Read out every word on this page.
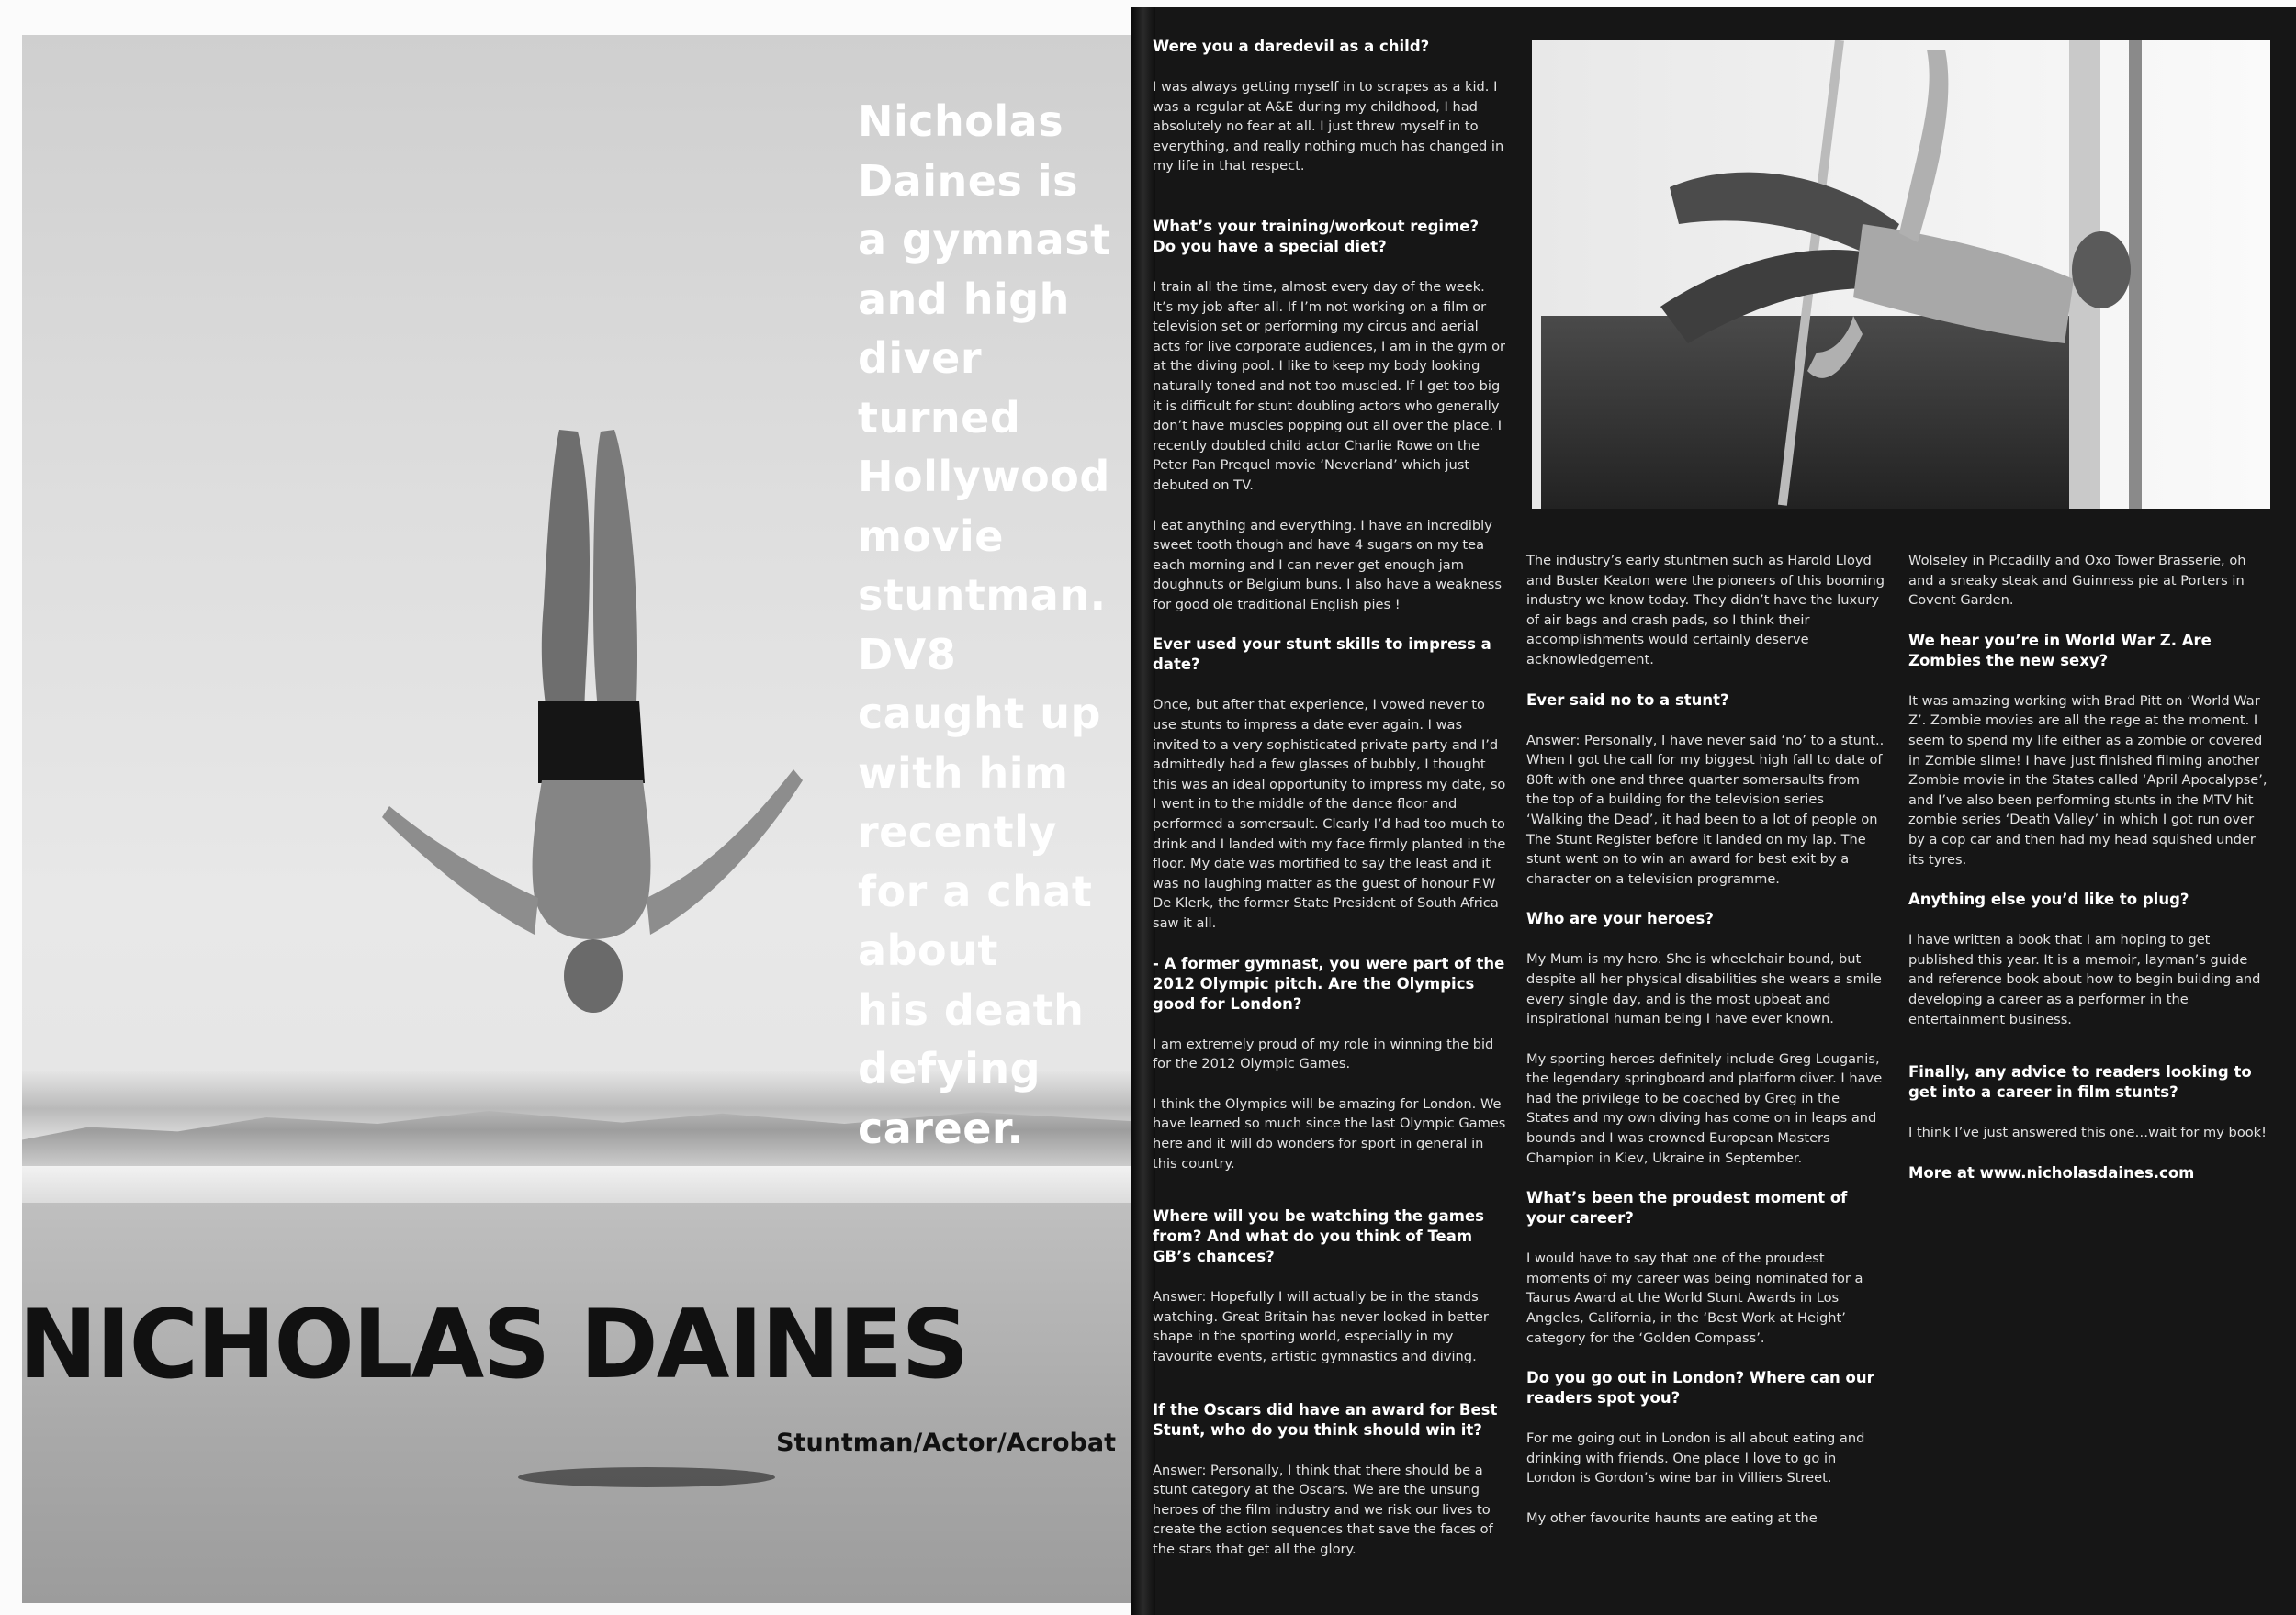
Nicholas
Daines is
a gymnast
and high
diver
turned
Hollywood
movie
stuntman.
DV8
caught up
with him
recently
for a chat
about
his death
defying
career.
NICHOLAS DAINES

Stuntman/Actor/Acrobat

Were you a daredevil as a child?

I was always getting myself in to scrapes as a kid. I was a regular at A&E during my childhood, I had absolutely no fear at all. I just threw myself in to everything, and really nothing much has changed in my life in that respect.

What’s your training/workout regime? Do you have a special diet?

I train all the time, almost every day of the week. It’s my job after all. If I’m not working on a film or television set or performing my circus and aerial acts for live corporate audiences, I am in the gym or at the diving pool. I like to keep my body looking naturally toned and not too muscled. If I get too big it is difficult for stunt doubling actors who generally don’t have muscles popping out all over the place. I recently doubled child actor Charlie Rowe on the Peter Pan Prequel movie ‘Neverland’ which just debuted on TV.

I eat anything and everything. I have an incredibly sweet tooth though and have 4 sugars on my tea each morning and I can never get enough jam doughnuts or Belgium buns. I also have a weakness for good ole traditional English pies !

Ever used your stunt skills to impress a date?

Once, but after that experience, I vowed never to use stunts to impress a date ever again. I was invited to a very sophisticated private party and I’d admittedly had a few glasses of bubbly, I thought this was an ideal opportunity to impress my date, so I went in to the middle of the dance floor and performed a somersault. Clearly I’d had too much to drink and I landed with my face firmly planted in the floor. My date was mortified to say the least and it was no laughing matter as the guest of honour F.W De Klerk, the former State President of South Africa saw it all.

- A former gymnast, you were part of the 2012 Olympic pitch. Are the Olympics good for London?

I am extremely proud of my role in winning the bid for the 2012 Olympic Games.

I think the Olympics will be amazing for London. We have learned so much since the last Olympic Games here and it will do wonders for sport in general in this country.

Where will you be watching the games from? And what do you think of Team GB’s chances?

Answer: Hopefully I will actually be in the stands watching. Great Britain has never looked in better shape in the sporting world, especially in my favourite events, artistic gymnastics and diving.

If the Oscars did have an award for Best Stunt, who do you think should win it?

Answer: Personally, I think that there should be a stunt category at the Oscars. We are the unsung heroes of the film industry and we risk our lives to create the action sequences that save the faces of the stars that get all the glory.

The industry’s early stuntmen such as Harold Lloyd and Buster Keaton were the pioneers of this booming industry we know today. They didn’t have the luxury of air bags and crash pads, so I think their accomplishments would certainly deserve acknowledgement.

Ever said no to a stunt?

Answer: Personally, I have never said ‘no’ to a stunt..

When I got the call for my biggest high fall to date of 80ft with one and three quarter somersaults from the top of a building for the television series ‘Walking the Dead’, it had been to a lot of people on The Stunt Register before it landed on my lap. The stunt went on to win an award for best exit by a character on a television programme.

Who are your heroes?

My Mum is my hero. She is wheelchair bound, but despite all her physical disabilities she wears a smile every single day, and is the most upbeat and inspirational human being I have ever known.

My sporting heroes definitely include Greg Louganis, the legendary springboard and platform diver. I have had the privilege to be coached by Greg in the States and my own diving has come on in leaps and bounds and I was crowned European Masters Champion in Kiev, Ukraine in September.

What’s been the proudest moment of your career?

I would have to say that one of the proudest moments of my career was being nominated for a Taurus Award at the World Stunt Awards in Los Angeles, California, in the ‘Best Work at Height’ category for the ‘Golden Compass’.

Do you go out in London? Where can our readers spot you?

For me going out in London is all about eating and drinking with friends. One place I love to go in London is Gordon’s wine bar in Villiers Street.

My other favourite haunts are eating at the

Wolseley in Piccadilly and Oxo Tower Brasserie, oh and a sneaky steak and Guinness pie at Porters in Covent Garden.

We hear you’re in World War Z. Are Zombies the new sexy?

It was amazing working with Brad Pitt on ‘World War Z’. Zombie movies are all the rage at the moment. I seem to spend my life either as a zombie or covered in Zombie slime! I have just finished filming another Zombie movie in the States called ‘April Apocalypse’, and I’ve also been performing stunts in the MTV hit zombie series ‘Death Valley’ in which I got run over by a cop car and then had my head squished under its tyres.

Anything else you’d like to plug?

I have written a book that I am hoping to get published this year. It is a memoir, layman’s guide and reference book about how to begin building and developing a career as a performer in the entertainment business.

Finally, any advice to readers looking to get into a career in film stunts?

I think I’ve just answered this one…wait for my book!

More at www.nicholasdaines.com
